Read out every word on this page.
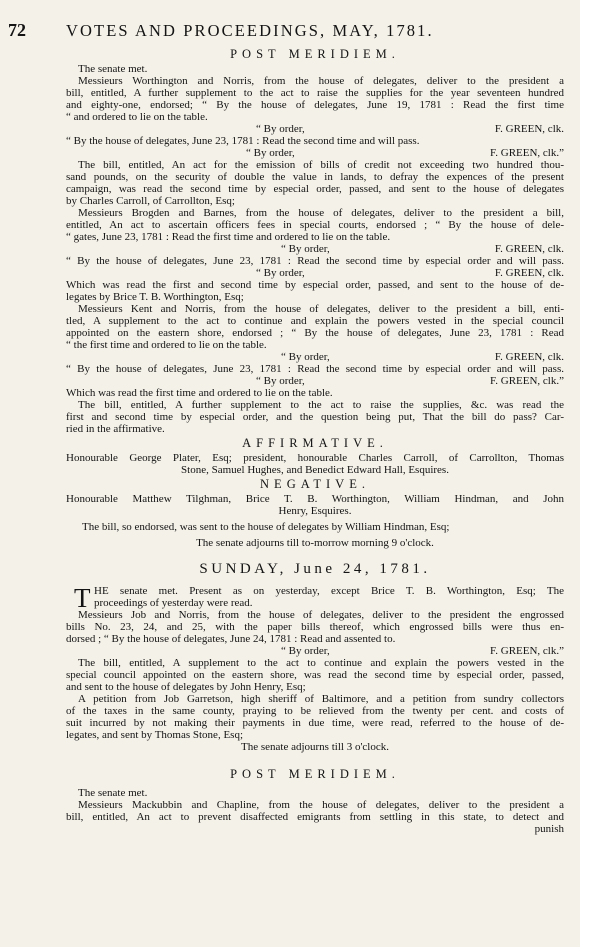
72 VOTES AND PROCEEDINGS, MAY, 1781.
T
POST MERIDIEM.
The senate met.
Messieurs Worthington and Norris, from the house of delegates, deliver to the president a
bill, entitled, A further supplement to the act to raise the supplies for the year seventeen hundred
and eighty-one, endorsed; “ By the house of delegates, June 19, 1781 : Read the first time
“ and ordered to lie on the table.
“ By order,	F. GREEN, clk.
“ By the house of delegates, June 23, 1781 : Read the second time and will pass.
“ By order,	F. GREEN, clk.”
The bill, entitled, An act for the emission of bills of credit not exceeding two hundred thou-
sand pounds, on the security of double the value in lands, to defray the expences of the present
campaign, was read the second time by especial order, passed, and sent to the house of delegates
by Charles Carroll, of Carrollton, Esq;
Messieurs Brogden and Barnes, from the house of delegates, deliver to the president a bill,
entitled, An act to ascertain officers fees in special courts, endorsed ; “ By the house of dele-
“ gates, June 23, 1781 : Read the first time and ordered to lie on the table.
“ By order,	F. GREEN, clk.
“ By the house of delegates, June 23, 1781 : Read the second time by especial order and will pass.
“ By order,	F. GREEN, clk.
Which was read the first and second time by especial order, passed, and sent to the house of de-
legates by Brice T. B. Worthington, Esq;
Messieurs Kent and Norris, from the house of delegates, deliver to the president a bill, enti-
tled, A supplement to the act to continue and explain the powers vested in the special council
appointed on the eastern shore, endorsed ; “ By the house of delegates, June 23, 1781 : Read
“ the first time and ordered to lie on the table.
“ By order,	F. GREEN, clk.
“ By the house of delegates, June 23, 1781 : Read the second time by especial order and will pass.
“ By order,	F. GREEN, clk.”
Which was read the first time and ordered to lie on the table.
The bill, entitled, A further supplement to the act to raise the supplies, &c. was read the
first and second time by especial order, and the question being put, That the bill do pass? Car-
ried in the affirmative.
AFFIRMATIVE.
Honourable George Plater, Esq; president, honourable Charles Carroll, of Carrollton, Thomas
Stone, Samuel Hughes, and Benedict Edward Hall, Esquires.
NEGATIVE.
Honourable Matthew Tilghman, Brice T. B. Worthington, William Hindman, and John
Henry, Esquires.
The bill, so endorsed, was sent to the house of delegates by William Hindman, Esq;
The senate adjourns till to-morrow morning 9 o'clock.
SUNDAY, June 24, 1781.
HE senate met. Present as on yesterday, except Brice T. B. Worthington, Esq; The
proceedings of yesterday were read.
Messieurs Job and Norris, from the house of delegates, deliver to the president the engrossed
bills No. 23, 24, and 25, with the paper bills thereof, which engrossed bills were thus en-
dorsed ; “ By the house of delegates, June 24, 1781 : Read and assented to.
“ By order,	F. GREEN, clk.”
The bill, entitled, A supplement to the act to continue and explain the powers vested in the
special council appointed on the eastern shore, was read the second time by especial order, passed,
and sent to the house of delegates by John Henry, Esq;
A petition from Job Garretson, high sheriff of Baltimore, and a petition from sundry collectors
of the taxes in the same county, praying to be relieved from the twenty per cent. and costs of
suit incurred by not making their payments in due time, were read, referred to the house of de-
legates, and sent by Thomas Stone, Esq;
The senate adjourns till 3 o'clock.
POST MERIDIEM.
The senate met.
Messieurs Mackubbin and Chapline, from the house of delegates, deliver to the president a
bill, entitled, An act to prevent disaffected emigrants from settling in this state, to detect and
punish
